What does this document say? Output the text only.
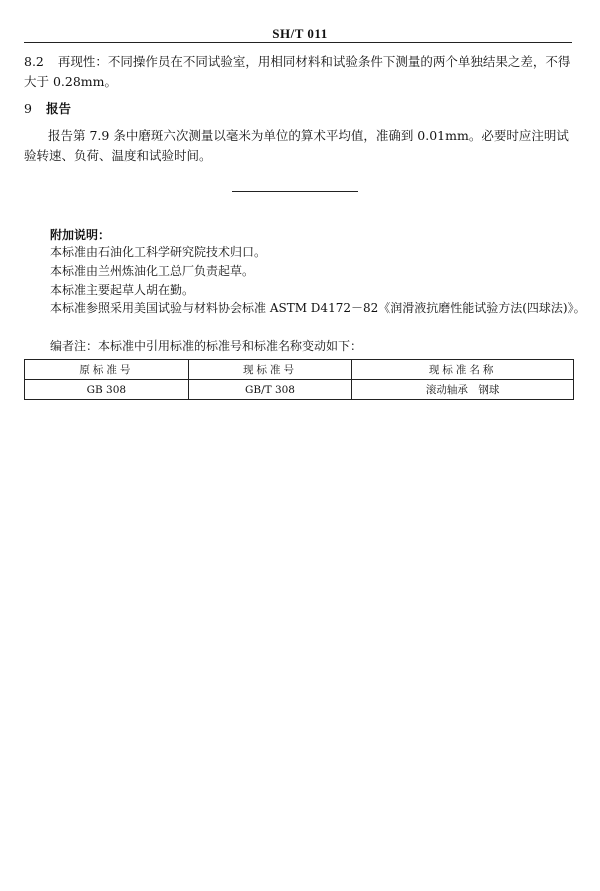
SH/T 011
8.2 再现性：不同操作员在不同试验室，用相同材料和试验条件下测量的两个单独结果之差，不得大于 0.28mm。
9 报告
报告第 7.9 条中磨斑六次测量以毫米为单位的算术平均值，准确到 0.01mm。必要时应注明试验转速、负荷、温度和试验时间。
附加说明：
本标准由石油化工科学研究院技术归口。
本标准由兰州炼油化工总厂负责起草。
本标准主要起草人胡在勤。
本标准参照采用美国试验与材料协会标准 ASTM D4172－82《润滑液抗磨性能试验方法(四球法)》。
编者注：本标准中引用标准的标准号和标准名称变动如下：
原标准号	现标准号	现标准名称
GB 308	GB/T 308	滚动轴承　钢球
